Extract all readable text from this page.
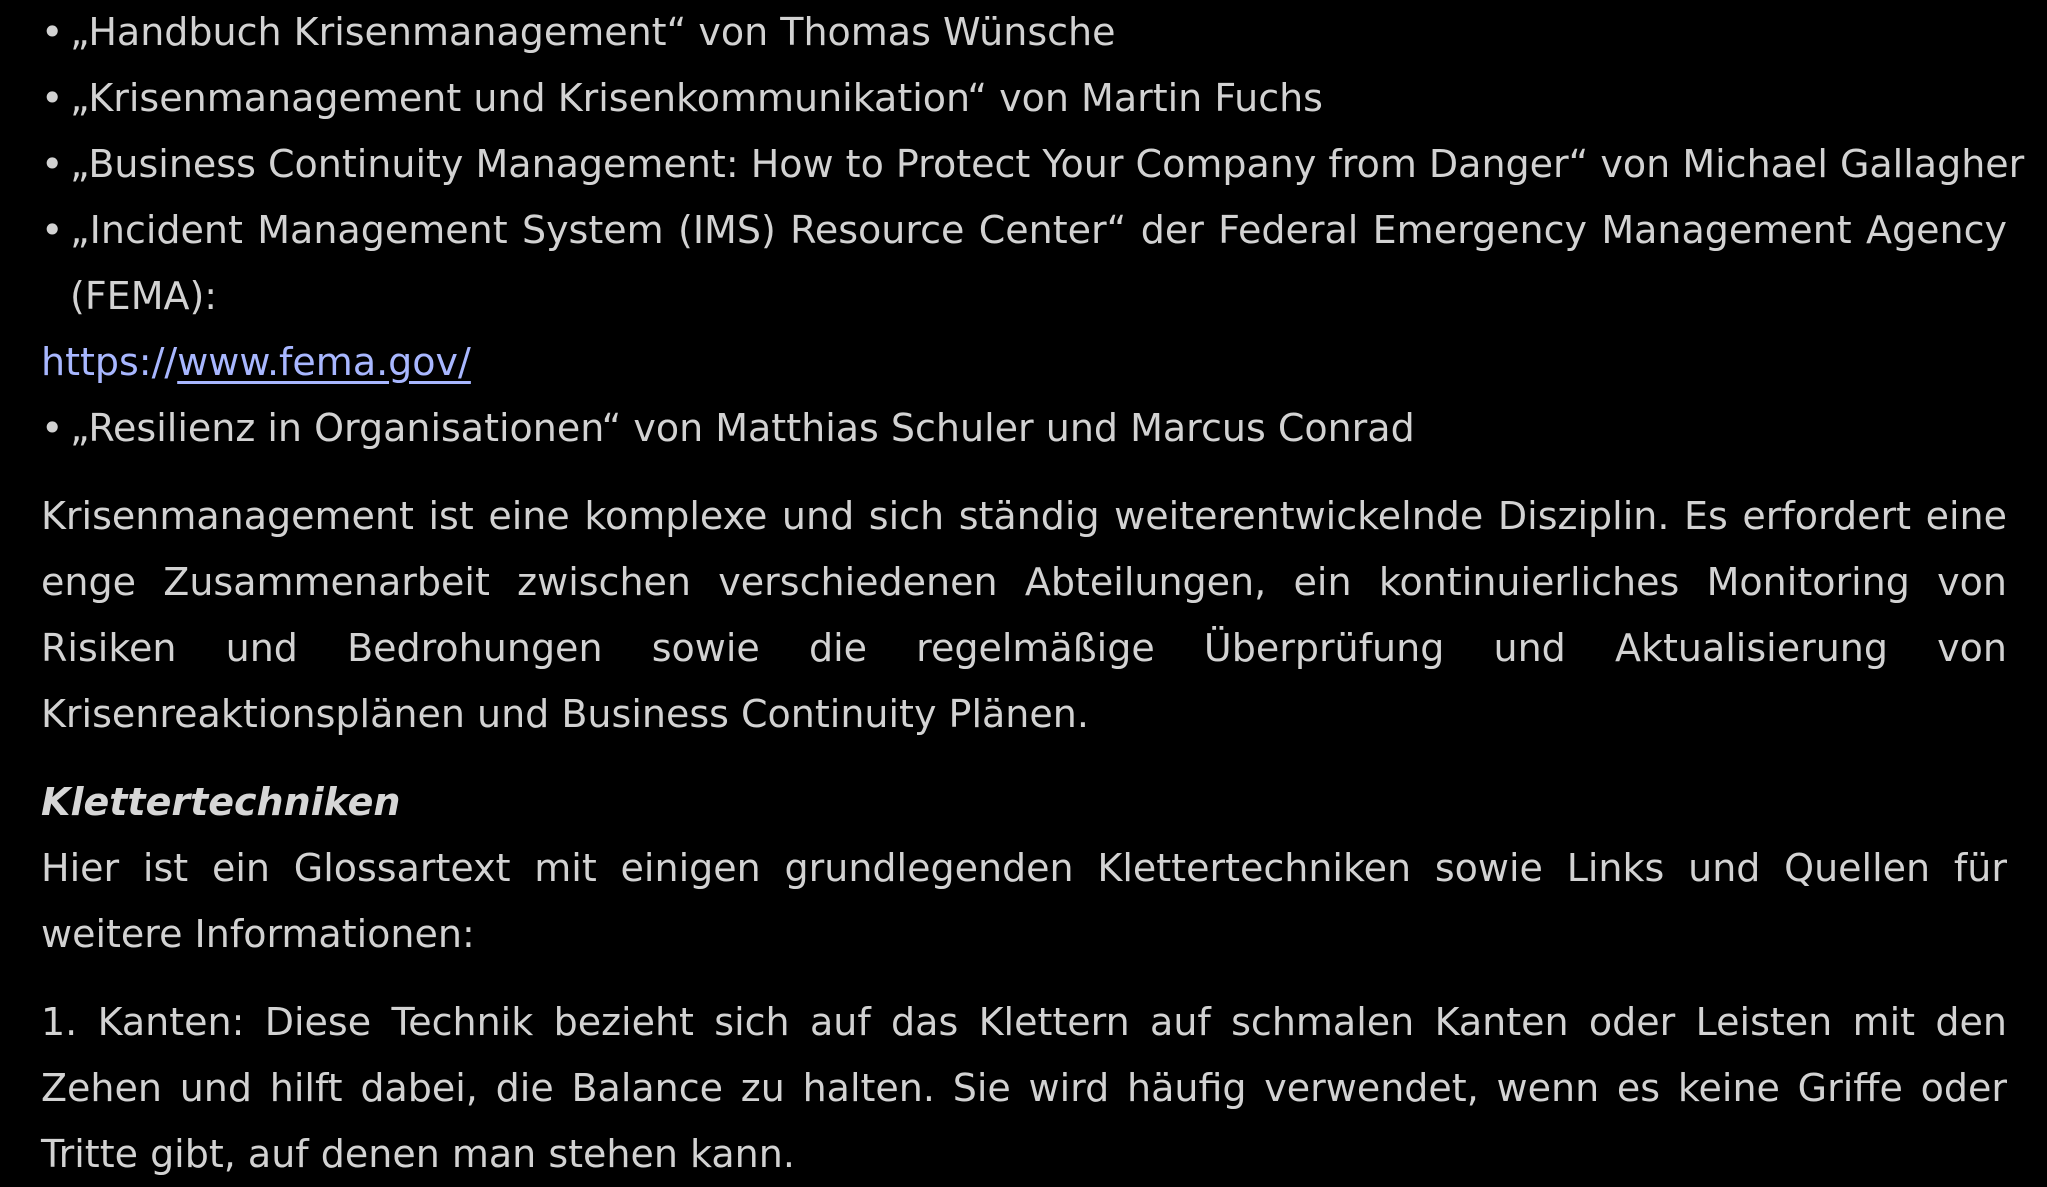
• „Handbuch Krisenmanagement“ von Thomas Wünsche
• „Krisenmanagement und Krisenkommunikation“ von Martin Fuchs
• „Business Continuity Management: How to Protect Your Company from Danger“ von Michael Gallagher
• „Incident Management System (IMS) Resource Center“ der Federal Emergency Management Agency (FEMA):
https://www.fema.gov/
• „Resilienz in Organisationen“ von Matthias Schuler und Marcus Conrad

Krisenmanagement ist eine komplexe und sich ständig weiterentwickelnde Disziplin. Es erfordert eine enge Zusammenarbeit zwischen verschiedenen Abteilungen, ein kontinuierliches Monitoring von Risiken und Bedrohungen sowie die regelmäßige Überprüfung und Aktualisierung von Krisenreaktionsplänen und Business Continuity Plänen.

Klettertechniken

Hier ist ein Glossartext mit einigen grundlegenden Klettertechniken sowie Links und Quellen für weitere Informationen:

1. Kanten: Diese Technik bezieht sich auf das Klettern auf schmalen Kanten oder Leisten mit den Zehen und hilft dabei, die Balance zu halten. Sie wird häufig verwendet, wenn es keine Griffe oder Tritte gibt, auf denen man stehen kann.
